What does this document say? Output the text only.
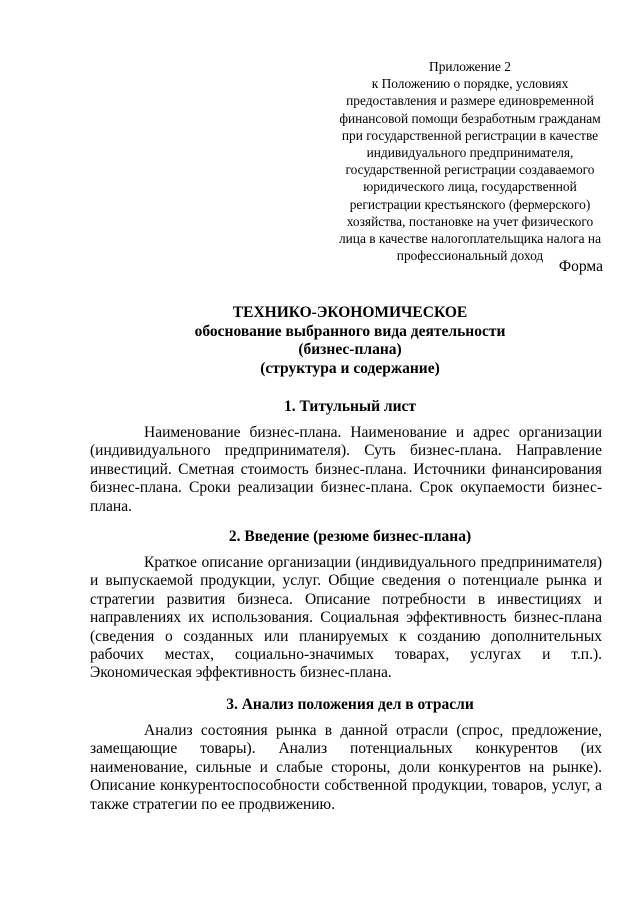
Приложение 2
к Положению о порядке, условиях
предоставления и размере единовременной
финансовой помощи безработным гражданам
при государственной регистрации в качестве
индивидуального предпринимателя,
государственной регистрации создаваемого
юридического лица, государственной
регистрации крестьянского (фермерского)
хозяйства, постановке на учет физического
лица в качестве налогоплательщика налога на
профессиональный доход
Форма
ТЕХНИКО-ЭКОНОМИЧЕСКОЕ
обоснование выбранного вида деятельности
(бизнес-плана)
(структура и содержание)
1. Титульный лист

Наименование бизнес-плана. Наименование и адрес организации (индивидуального предпринимателя). Суть бизнес-плана. Направление инвестиций. Сметная стоимость бизнес-плана. Источники финансирования бизнес-плана. Сроки реализации бизнес-плана. Срок окупаемости бизнес-плана.

2. Введение (резюме бизнес-плана)

Краткое описание организации (индивидуального предпринимателя) и выпускаемой продукции, услуг. Общие сведения о потенциале рынка и стратегии развития бизнеса. Описание потребности в инвестициях и направлениях их использования. Социальная эффективность бизнес-плана (сведения о созданных или планируемых к созданию дополнительных рабочих местах, социально-значимых товарах, услугах и т.п.). Экономическая эффективность бизнес-плана.

3. Анализ положения дел в отрасли

Анализ состояния рынка в данной отрасли (спрос, предложение, замещающие товары). Анализ потенциальных конкурентов (их наименование, сильные и слабые стороны, доли конкурентов на рынке). Описание конкурентоспособности собственной продукции, товаров, услуг, а также стратегии по ее продвижению.
